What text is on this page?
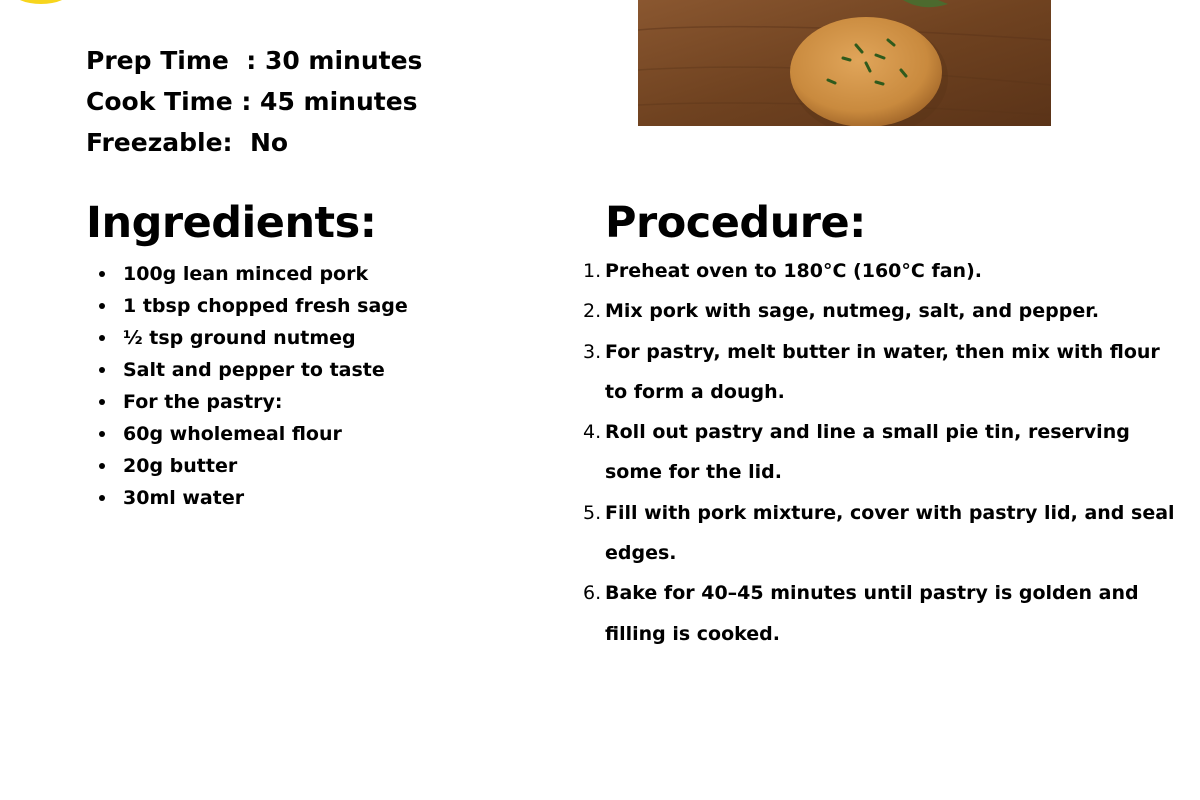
Prep Time  : 30 minutes
Cook Time : 45 minutes
Freezable:  No
Ingredients:
100g lean minced pork
1 tbsp chopped fresh sage
½ tsp ground nutmeg
Salt and pepper to taste
For the pastry:
60g wholemeal flour
20g butter
30ml water
Procedure:
1. Preheat oven to 180°C (160°C fan).
2. Mix pork with sage, nutmeg, salt, and pepper.
3. For pastry, melt butter in water, then mix with flour to form a dough.
4. Roll out pastry and line a small pie tin, reserving some for the lid.
5. Fill with pork mixture, cover with pastry lid, and seal edges.
6. Bake for 40–45 minutes until pastry is golden and filling is cooked.
